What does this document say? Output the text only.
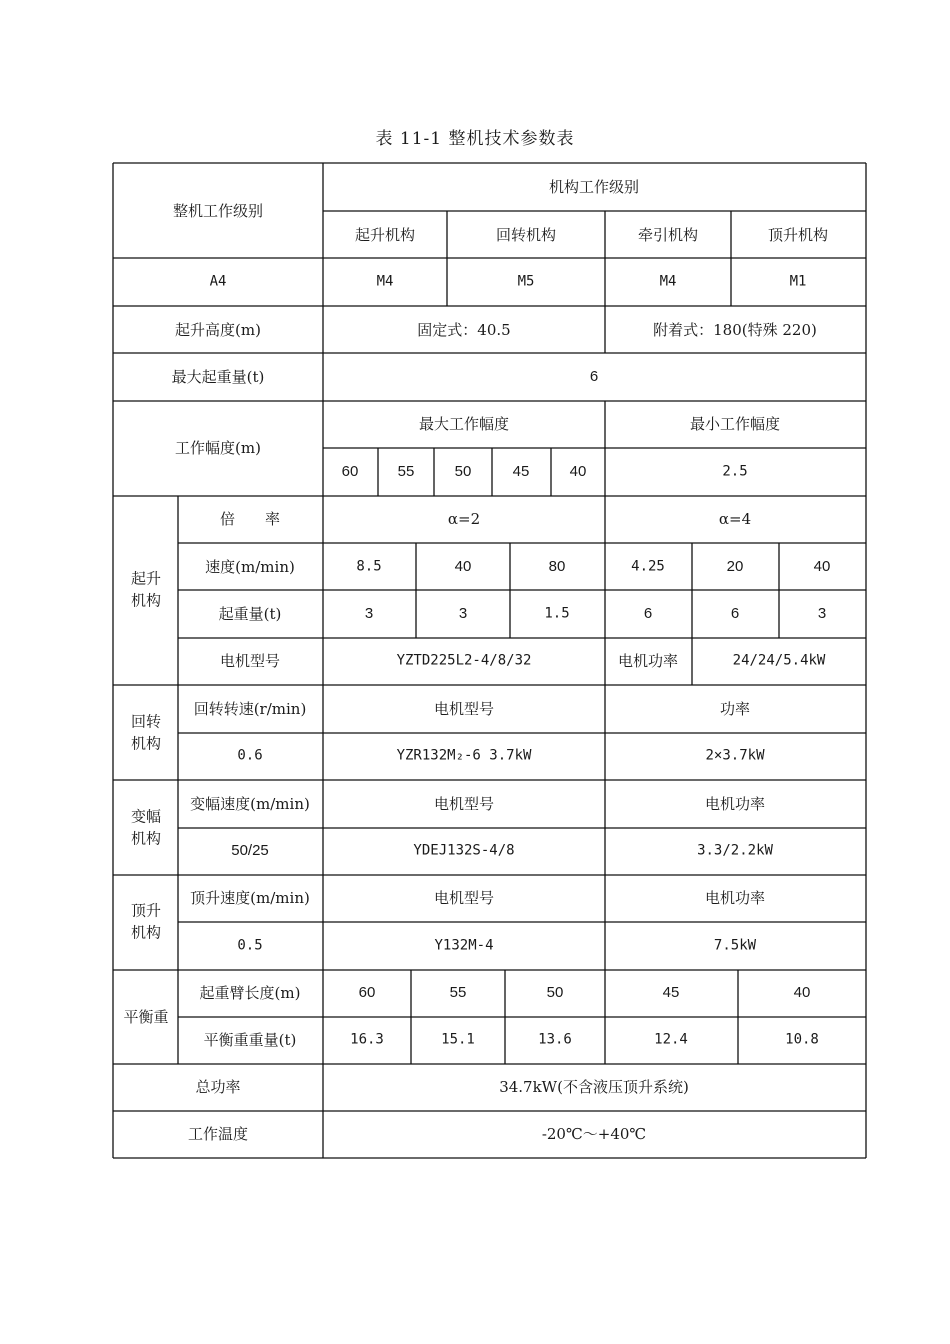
表 11-1 整机技术参数表
整机工作级别
机构工作级别
起升机构	回转机构	牵引机构	顶升机构
A4	M4	M5	M4	M1
起升高度(m)	固定式：40.5	附着式：180(特殊 220)
最大起重量(t)	6
工作幅度(m)
最大工作幅度	最小工作幅度
60	55	50	45	40	2.5
起升机构
倍　　率	α=2	α=4
速度(m/min)	8.5	40	80	4.25	20	40
起重量(t)	3	3	1.5	6	6	3
电机型号	YZTD225L2-4/8/32	电机功率	24/24/5.4kW
回转机构
回转转速(r/min)	电机型号	功率
0.6	YZR132M₂-6 3.7kW	2×3.7kW
变幅机构
变幅速度(m/min)	电机型号	电机功率
50/25	YDEJ132S-4/8	3.3/2.2kW
顶升机构
顶升速度(m/min)	电机型号	电机功率
0.5	Y132M-4	7.5kW
平衡重
起重臂长度(m)	60	55	50	45	40
平衡重重量(t)	16.3	15.1	13.6	12.4	10.8
总功率	34.7kW(不含液压顶升系统)
工作温度	-20℃～+40℃
